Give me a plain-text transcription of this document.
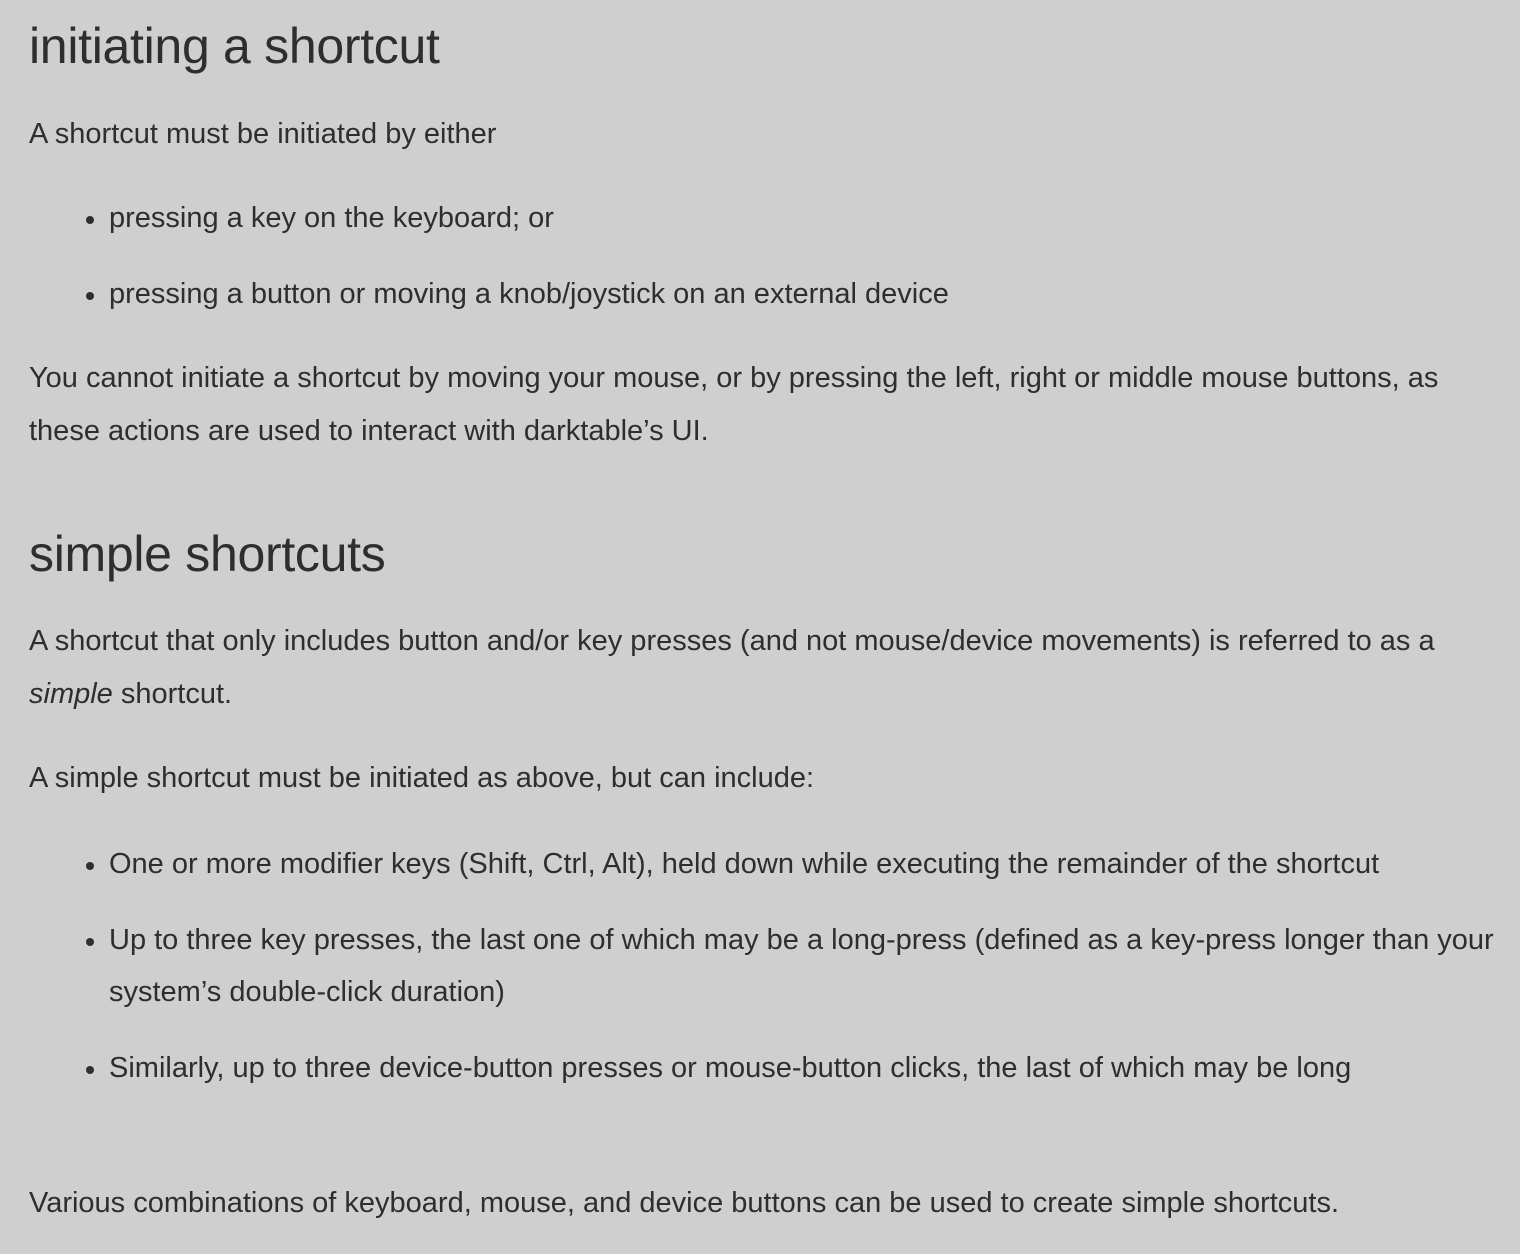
initiating a shortcut

A shortcut must be initiated by either

pressing a key on the keyboard; or
pressing a button or moving a knob/joystick on an external device

You cannot initiate a shortcut by moving your mouse, or by pressing the left, right or middle mouse buttons, as these actions are used to interact with darktable’s UI.

simple shortcuts

A shortcut that only includes button and/or key presses (and not mouse/device movements) is referred to as a simple shortcut.

A simple shortcut must be initiated as above, but can include:

One or more modifier keys (Shift, Ctrl, Alt), held down while executing the remainder of the shortcut
Up to three key presses, the last one of which may be a long-press (defined as a key-press longer than your system’s double-click duration)
Similarly, up to three device-button presses or mouse-button clicks, the last of which may be long

Various combinations of keyboard, mouse, and device buttons can be used to create simple shortcuts.
